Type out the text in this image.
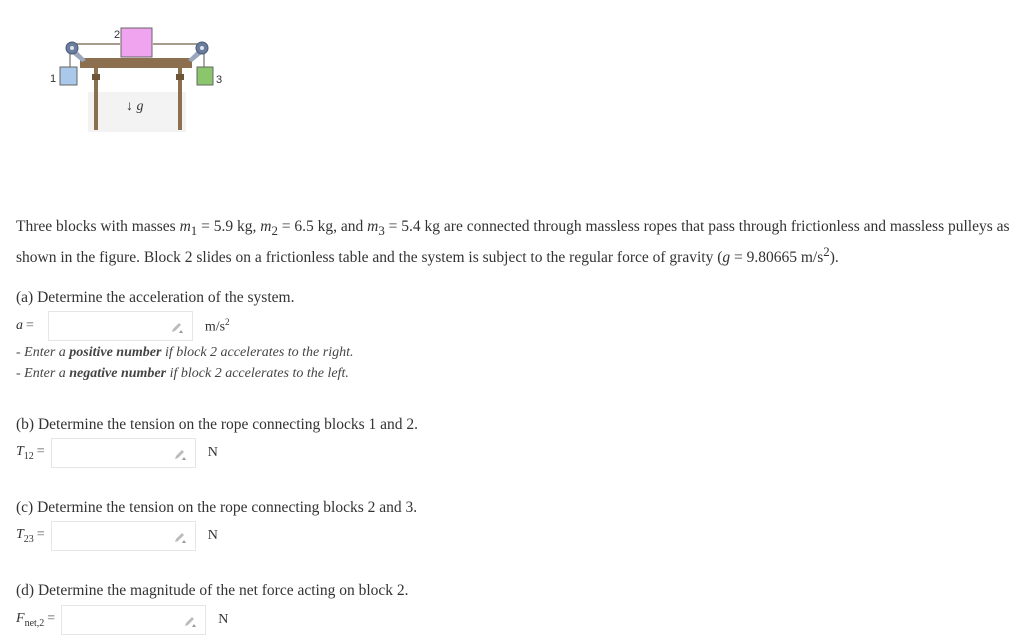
2
1	3
↓ g⃗
Three blocks with masses $m_1 = 5.9$ kg, $m_2 = 6.5$ kg, and $m_3 = 5.4$ kg are connected through massless ropes that pass through frictionless and massless pulleys as shown in the figure. Block 2 slides on a frictionless table and the system is subject to the regular force of gravity (g = 9.80665 $m/s^2$).
(a) Determine the acceleration of the system.
a =	$m/s^2$
- Enter a positive number if block 2 accelerates to the right.
- Enter a negative number if block 2 accelerates to the left.
(b) Determine the tension on the rope connecting blocks 1 and 2.
$T_{12}$ =	N
(c) Determine the tension on the rope connecting blocks 2 and 3.
$T_{23}$ =	N
(d) Determine the magnitude of the net force acting on block 2.
$F_{net,2}$ =	N
